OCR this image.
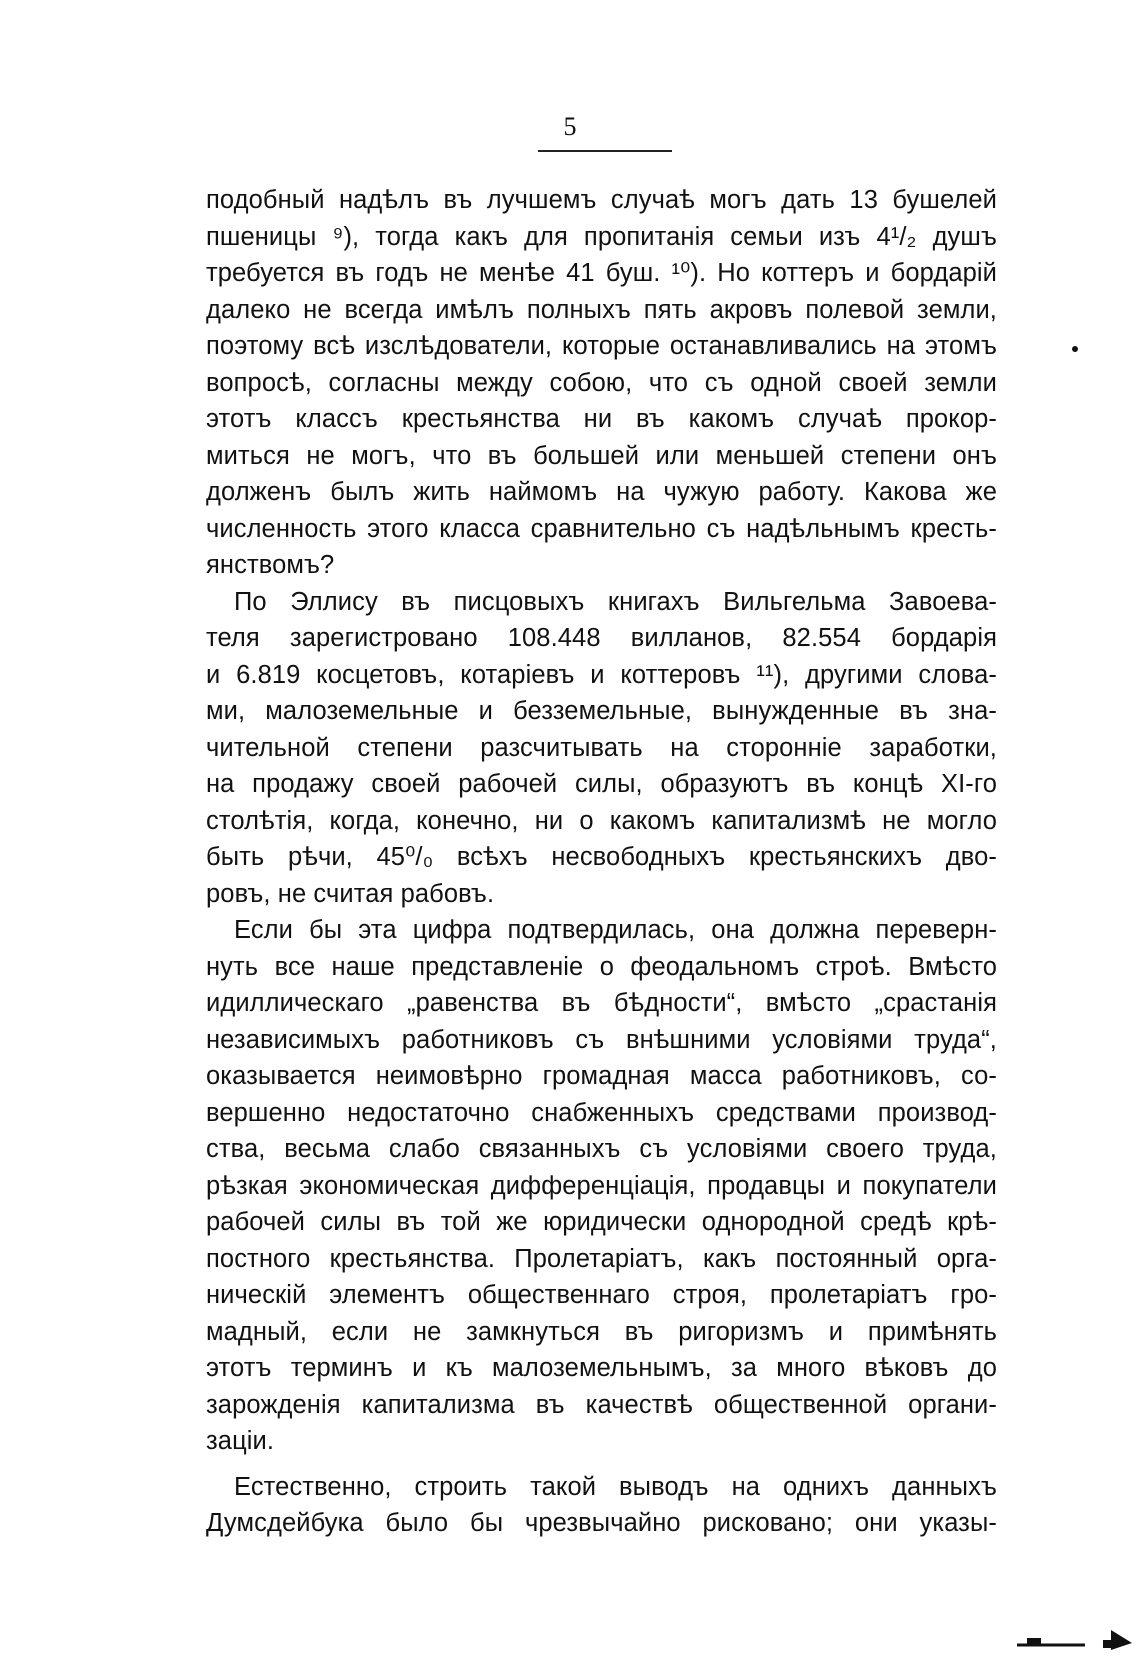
5
подобный надѣлъ въ лучшемъ случаѣ могъ дать 13 бушелей
пшеницы ⁹), тогда какъ для пропитанія семьи изъ 4¹/₂ душъ
требуется въ годъ не менѣе 41 буш. ¹⁰). Но коттеръ и бордарій
далеко не всегда имѣлъ полныхъ пять акровъ полевой земли,
поэтому всѣ изслѣдователи, которые останавливались на этомъ
вопросѣ, согласны между собою, что съ одной своей земли
этотъ классъ крестьянства ни въ какомъ случаѣ прокор-
миться не могъ, что въ большей или меньшей степени онъ
долженъ былъ жить наймомъ на чужую работу. Какова же
численность этого класса сравнительно съ надѣльнымъ кресть-
янствомъ?
По Эллису въ писцовыхъ книгахъ Вильгельма Завоева-
теля зарегистровано 108.448 вилланов, 82.554 бордарія
и 6.819 косцетовъ, котаріевъ и коттеровъ ¹¹), другими слова-
ми, малоземельные и безземельные, вынужденные въ зна-
чительной степени разсчитывать на сторонніе заработки,
на продажу своей рабочей силы, образуютъ въ концѣ XI-го
столѣтія, когда, конечно, ни о какомъ капитализмѣ не могло
быть рѣчи, 45⁰/₀ всѣхъ несвободныхъ крестьянскихъ дво-
ровъ, не считая рабовъ.
Если бы эта цифра подтвердилась, она должна переверн-
нуть все наше представленіе о феодальномъ строѣ. Вмѣсто
идиллическаго „равенства въ бѣдности“, вмѣсто „срастанія
независимыхъ работниковъ съ внѣшними условіями труда“,
оказывается неимовѣрно громадная масса работниковъ, со-
вершенно недостаточно снабженныхъ средствами производ-
ства, весьма слабо связанныхъ съ условіями своего труда,
рѣзкая экономическая дифференціація, продавцы и покупатели
рабочей силы въ той же юридически однородной средѣ крѣ-
постного крестьянства. Пролетаріатъ, какъ постоянный орга-
ническій элементъ общественнаго строя, пролетаріатъ гро-
мадный, если не замкнуться въ ригоризмъ и примѣнять
этотъ терминъ и къ малоземельнымъ, за много вѣковъ до
зарожденія капитализма въ качествѣ общественной органи-
заціи.
Естественно, строить такой выводъ на однихъ данныхъ
Думсдейбука было бы чрезвычайно рисковано; они указы-
